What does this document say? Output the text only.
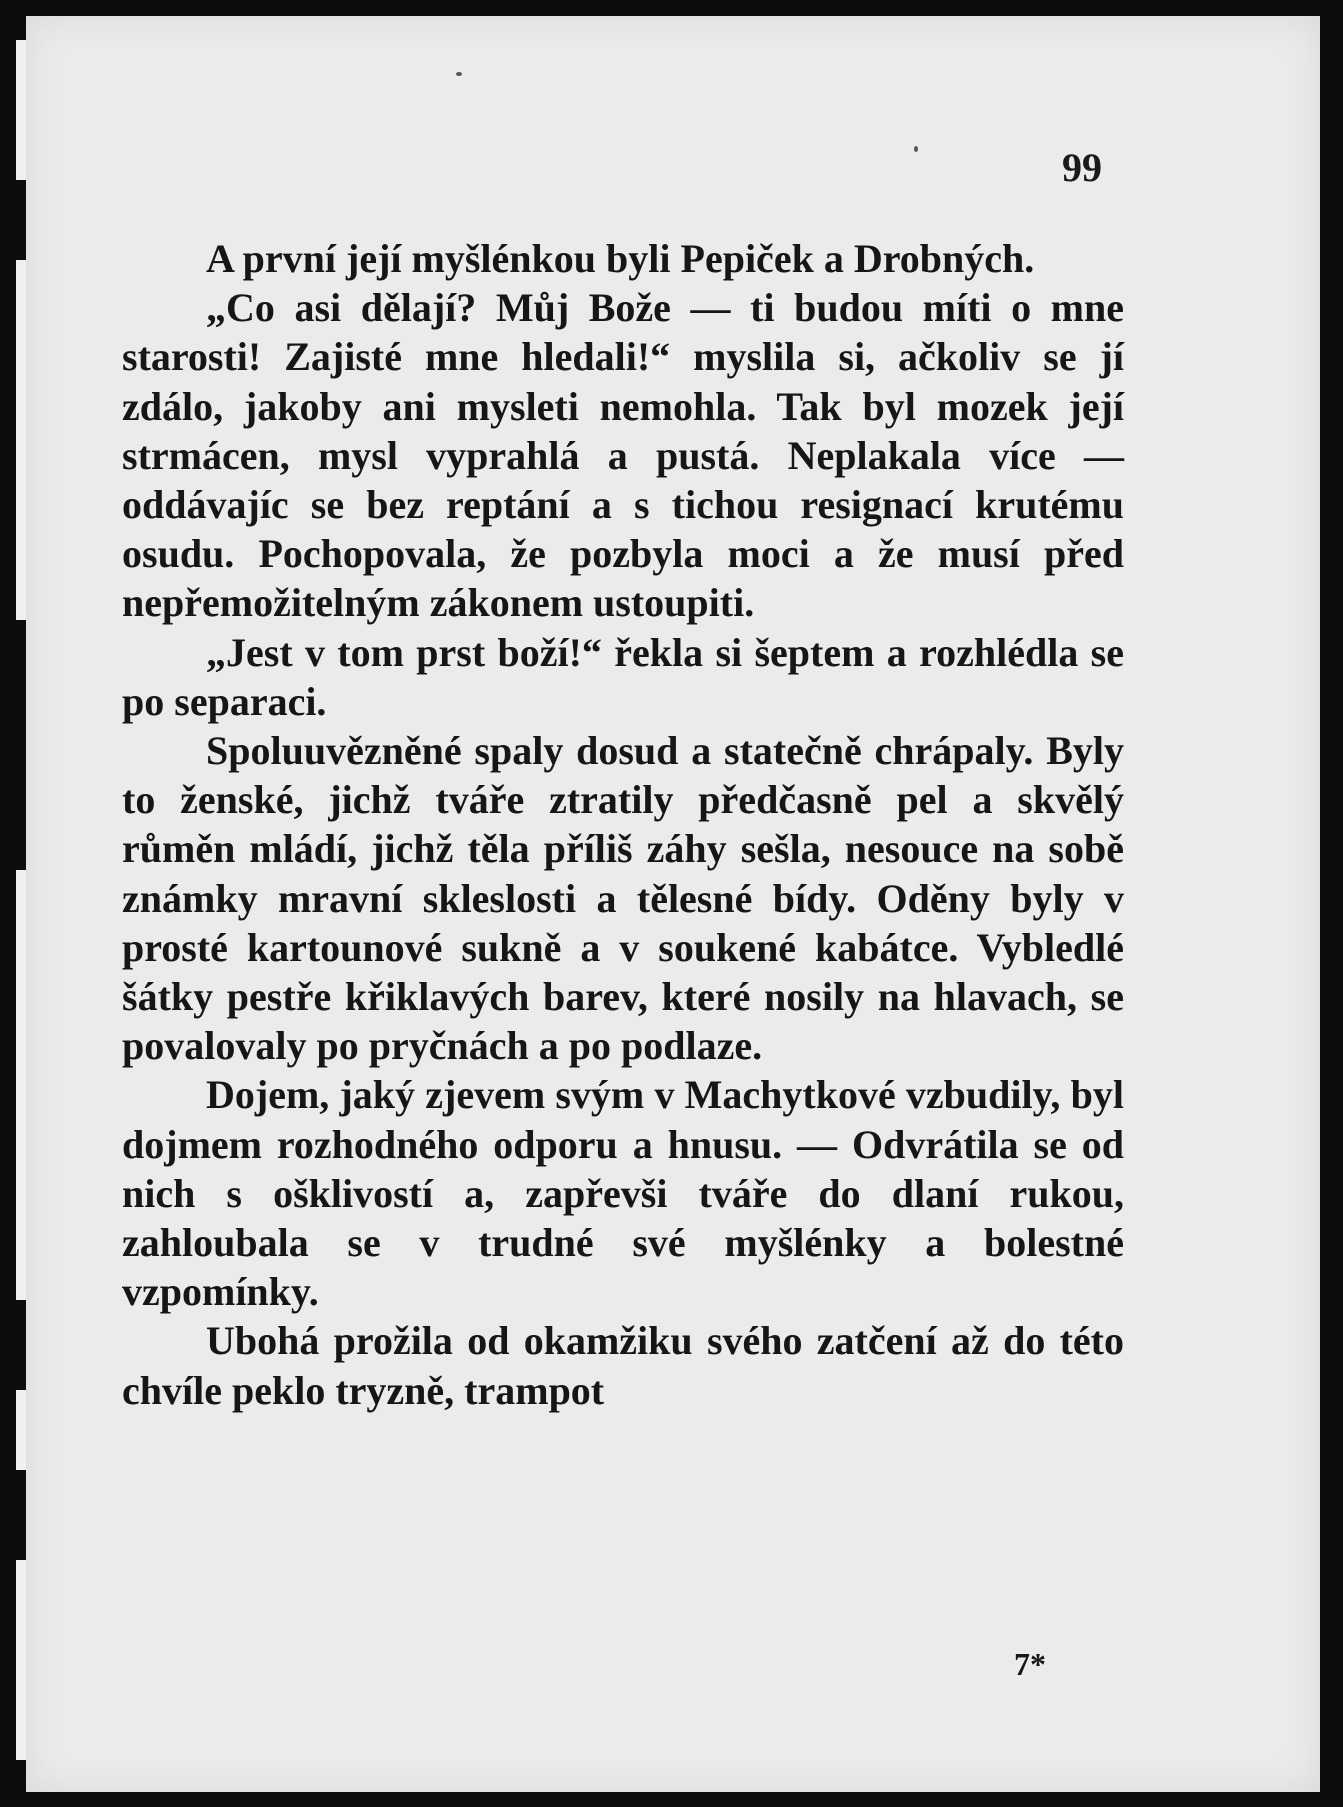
99

A první její myšlénkou byli Pepiček a Drobných.

„Co asi dělají? Můj Bože — ti budou míti o mne starosti! Zajisté mne hledali!“ myslila si, ačkoliv se jí zdálo, jakoby ani mysleti nemohla. Tak byl mozek její strmácen, mysl vyprahlá a pustá. Neplakala více — oddávajíc se bez reptání a s tichou resignací krutému osudu. Pochopovala, že pozbyla moci a že musí před nepřemožitelným zákonem ustoupiti.

„Jest v tom prst boží!“ řekla si šeptem a rozhlédla se po separaci.

Spoluuvězněné spaly dosud a statečně chrápaly. Byly to ženské, jichž tváře ztratily předčasně pel a skvělý růměn mládí, jichž těla příliš záhy sešla, nesouce na sobě známky mravní skleslosti a tělesné bídy. Oděny byly v prosté kartounové sukně a v soukené kabátce. Vybledlé šátky pestře křiklavých barev, které nosily na hlavach, se povalovaly po pryčnách a po podlaze.

Dojem, jaký zjevem svým v Machytkové vzbudily, byl dojmem rozhodného odporu a hnusu. — Odvrátila se od nich s ošklivostí a, zapřevši tváře do dlaní rukou, zahloubala se v trudné své myšlénky a bolestné vzpomínky.

Ubohá prožila od okamžiku svého zatčení až do této chvíle peklo tryzně, trampot

7*
